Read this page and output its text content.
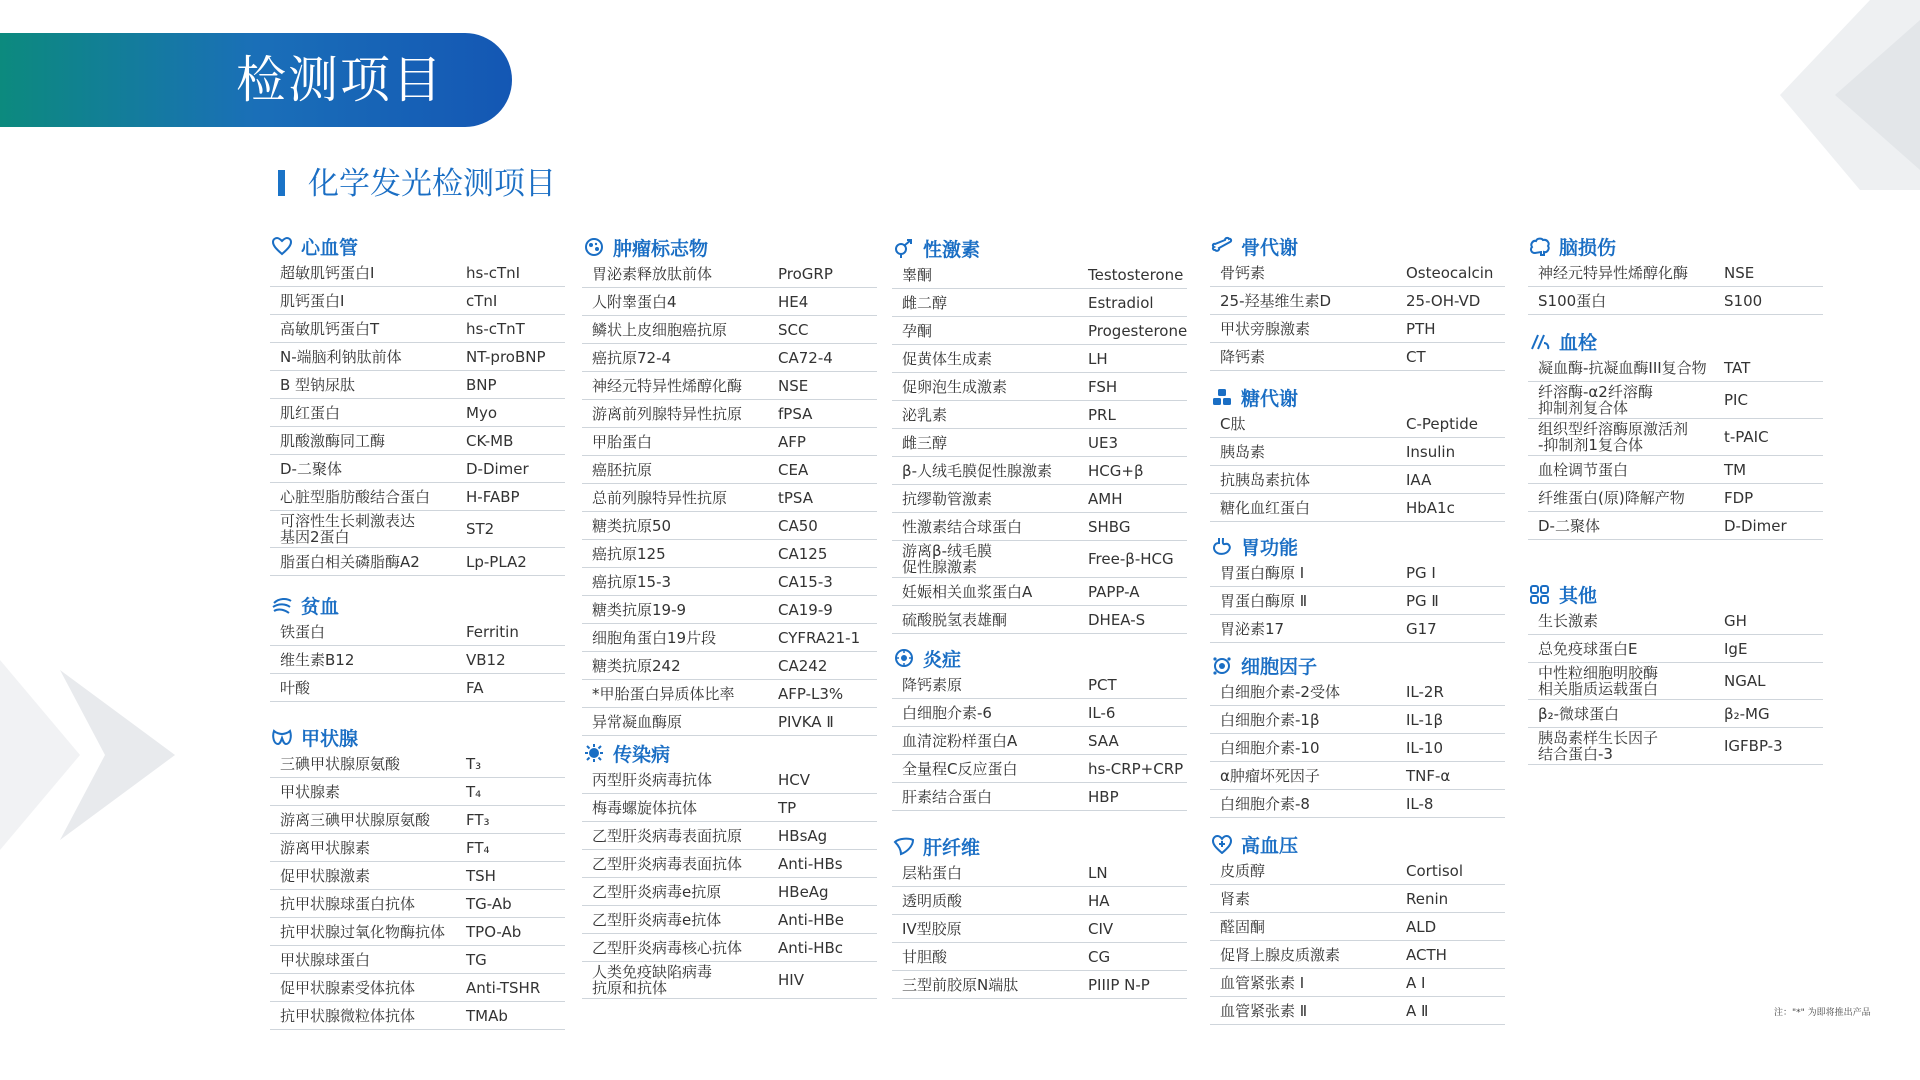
检测项目
化学发光检测项目
心血管
超敏肌钙蛋白I	hs-cTnI
肌钙蛋白I	cTnI
高敏肌钙蛋白T	hs-cTnT
N-端脑利钠肽前体	NT-proBNP
B 型钠尿肽	BNP
肌红蛋白	Myo
肌酸激酶同工酶	CK-MB
D-二聚体	D-Dimer
心脏型脂肪酸结合蛋白	H-FABP
可溶性生长刺激表达
基因2蛋白	ST2
脂蛋白相关磷脂酶A2	Lp-PLA2
贫血
铁蛋白	Ferritin
维生素B12	VB12
叶酸	FA
甲状腺
三碘甲状腺原氨酸	T₃
甲状腺素	T₄
游离三碘甲状腺原氨酸	FT₃
游离甲状腺素	FT₄
促甲状腺激素	TSH
抗甲状腺球蛋白抗体	TG-Ab
抗甲状腺过氧化物酶抗体	TPO-Ab
甲状腺球蛋白	TG
促甲状腺素受体抗体	Anti-TSHR
抗甲状腺微粒体抗体	TMAb
肿瘤标志物
胃泌素释放肽前体	ProGRP
人附睾蛋白4	HE4
鳞状上皮细胞癌抗原	SCC
癌抗原72-4	CA72-4
神经元特异性烯醇化酶	NSE
游离前列腺特异性抗原	fPSA
甲胎蛋白	AFP
癌胚抗原	CEA
总前列腺特异性抗原	tPSA
糖类抗原50	CA50
癌抗原125	CA125
癌抗原15-3	CA15-3
糖类抗原19-9	CA19-9
细胞角蛋白19片段	CYFRA21-1
糖类抗原242	CA242
*甲胎蛋白异质体比率	AFP-L3%
异常凝血酶原	PIVKA Ⅱ
传染病
丙型肝炎病毒抗体	HCV
梅毒螺旋体抗体	TP
乙型肝炎病毒表面抗原	HBsAg
乙型肝炎病毒表面抗体	Anti-HBs
乙型肝炎病毒e抗原	HBeAg
乙型肝炎病毒e抗体	Anti-HBe
乙型肝炎病毒核心抗体	Anti-HBc
人类免疫缺陷病毒
抗原和抗体	HIV
性激素
睾酮	Testosterone
雌二醇	Estradiol
孕酮	Progesterone
促黄体生成素	LH
促卵泡生成激素	FSH
泌乳素	PRL
雌三醇	UE3
β-人绒毛膜促性腺激素	HCG+β
抗缪勒管激素	AMH
性激素结合球蛋白	SHBG
游离β-绒毛膜
促性腺激素	Free-β-HCG
妊娠相关血浆蛋白A	PAPP-A
硫酸脱氢表雄酮	DHEA-S
炎症
降钙素原	PCT
白细胞介素-6	IL-6
血清淀粉样蛋白A	SAA
全量程C反应蛋白	hs-CRP+CRP
肝素结合蛋白	HBP
肝纤维
层粘蛋白	LN
透明质酸	HA
IV型胶原	CIV
甘胆酸	CG
三型前胶原N端肽	PIIIP N-P
骨代谢
骨钙素	Osteocalcin
25-羟基维生素D	25-OH-VD
甲状旁腺激素	PTH
降钙素	CT
糖代谢
C肽	C-Peptide
胰岛素	Insulin
抗胰岛素抗体	IAA
糖化血红蛋白	HbA1c
胃功能
胃蛋白酶原 Ⅰ	PG Ⅰ
胃蛋白酶原 Ⅱ	PG Ⅱ
胃泌素17	G17
细胞因子
白细胞介素-2受体	IL-2R
白细胞介素-1β	IL-1β
白细胞介素-10	IL-10
α肿瘤坏死因子	TNF-α
白细胞介素-8	IL-8
高血压
皮质醇	Cortisol
肾素	Renin
醛固酮	ALD
促肾上腺皮质激素	ACTH
血管紧张素 Ⅰ	A Ⅰ
血管紧张素 Ⅱ	A Ⅱ
脑损伤
神经元特异性烯醇化酶	NSE
S100蛋白	S100
血栓
凝血酶-抗凝血酶III复合物	TAT
纤溶酶-α2纤溶酶
抑制剂复合体	PIC
组织型纤溶酶原激活剂
-抑制剂1复合体	t-PAIC
血栓调节蛋白	TM
纤维蛋白(原)降解产物	FDP
D-二聚体	D-Dimer
其他
生长激素	GH
总免疫球蛋白E	IgE
中性粒细胞明胶酶
相关脂质运载蛋白	NGAL
β₂-微球蛋白	β₂-MG
胰岛素样生长因子
结合蛋白-3	IGFBP-3
注："*" 为即将推出产品
